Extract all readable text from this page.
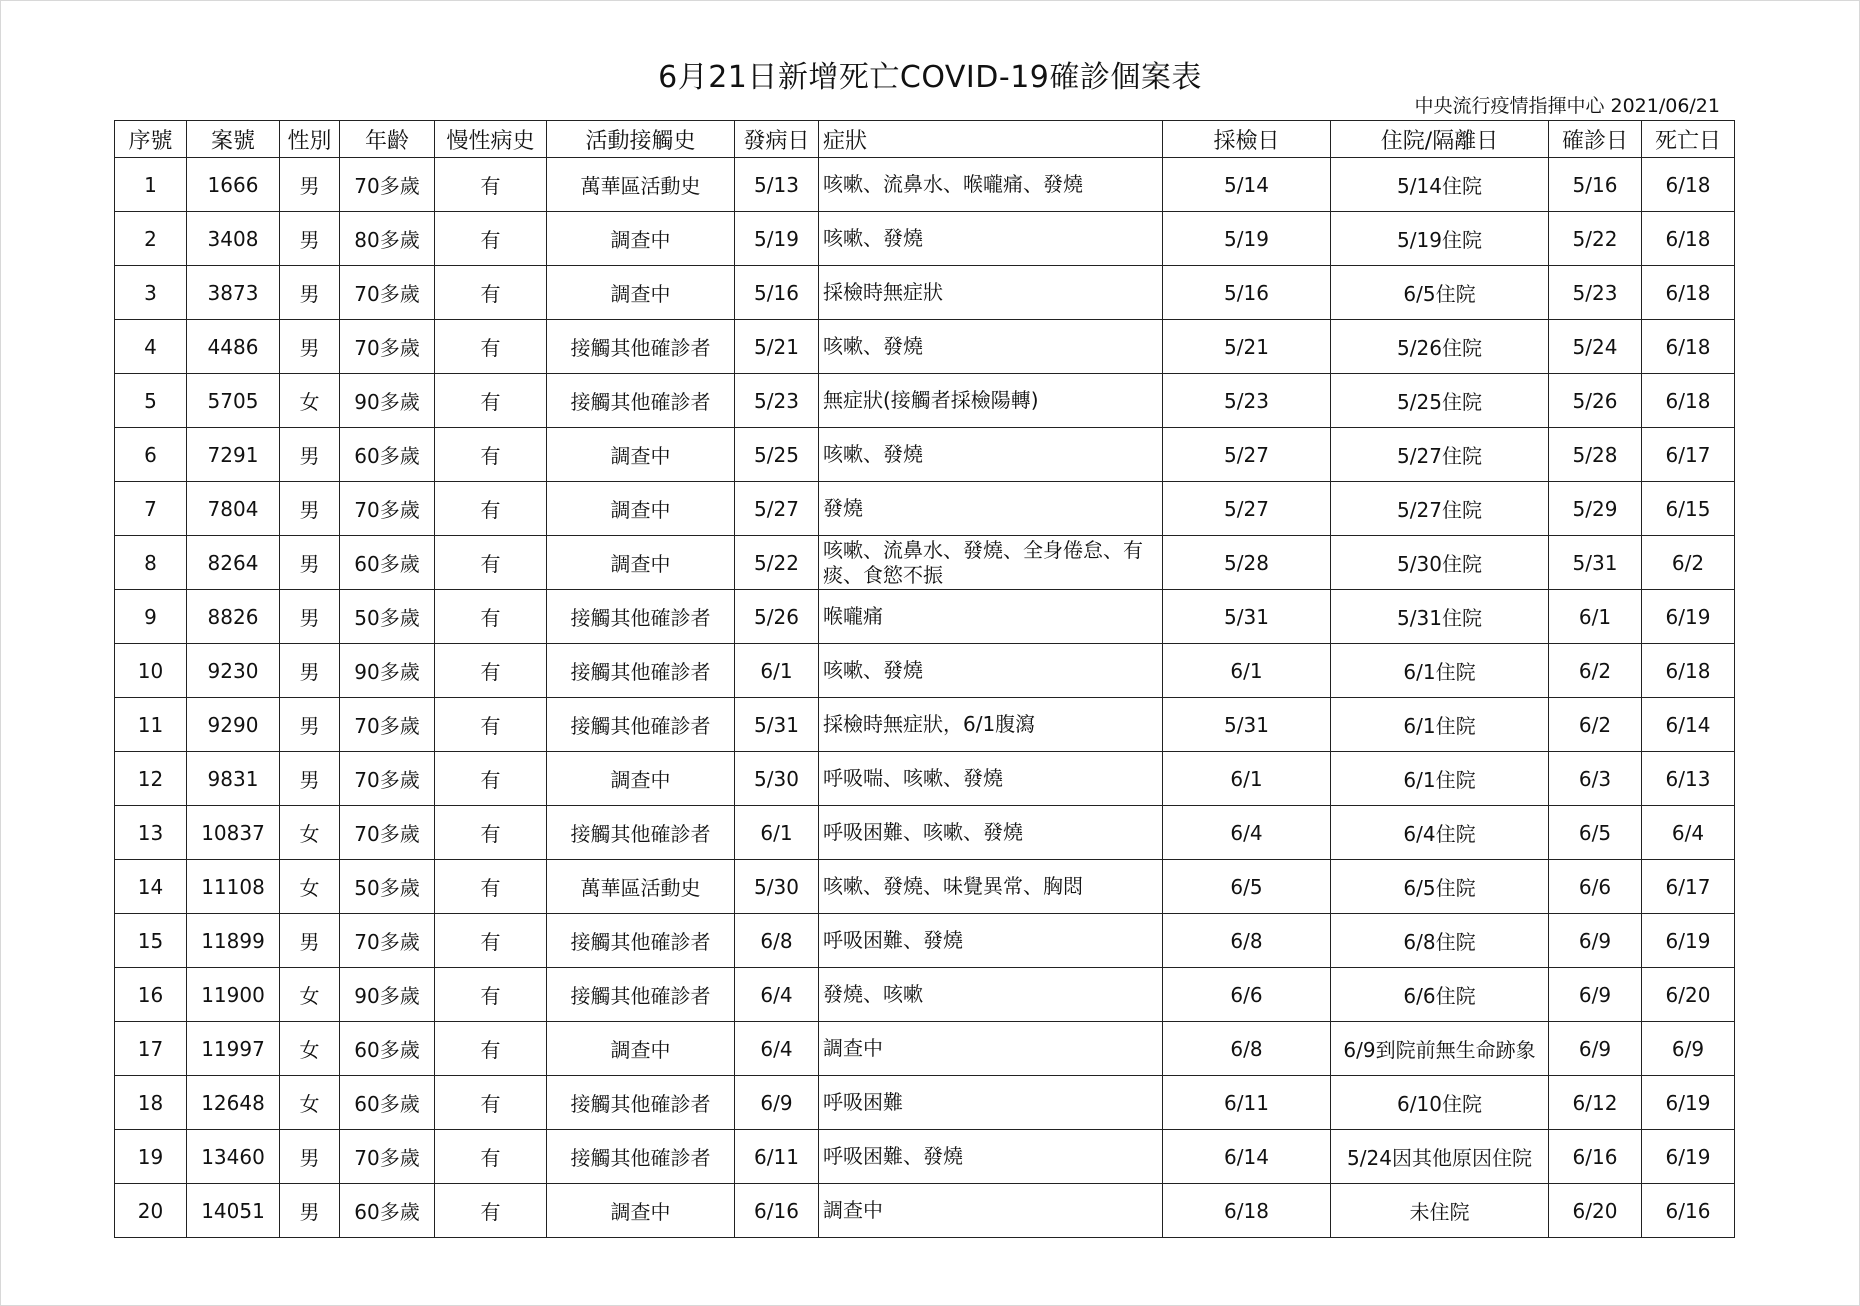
6月21日新增死亡COVID-19確診個案表
中央流行疫情指揮中心 2021/06/21
序號	案號	性別	年齡	慢性病史	活動接觸史	發病日	症狀	採檢日	住院/隔離日	確診日	死亡日
1	1666	男	70多歲	有	萬華區活動史	5/13	咳嗽、流鼻水、喉嚨痛、發燒	5/14	5/14住院	5/16	6/18
2	3408	男	80多歲	有	調查中	5/19	咳嗽、發燒	5/19	5/19住院	5/22	6/18
3	3873	男	70多歲	有	調查中	5/16	採檢時無症狀	5/16	6/5住院	5/23	6/18
4	4486	男	70多歲	有	接觸其他確診者	5/21	咳嗽、發燒	5/21	5/26住院	5/24	6/18
5	5705	女	90多歲	有	接觸其他確診者	5/23	無症狀(接觸者採檢陽轉)	5/23	5/25住院	5/26	6/18
6	7291	男	60多歲	有	調查中	5/25	咳嗽、發燒	5/27	5/27住院	5/28	6/17
7	7804	男	70多歲	有	調查中	5/27	發燒	5/27	5/27住院	5/29	6/15
8	8264	男	60多歲	有	調查中	5/22	咳嗽、流鼻水、發燒、全身倦怠、有痰、食慾不振	5/28	5/30住院	5/31	6/2
9	8826	男	50多歲	有	接觸其他確診者	5/26	喉嚨痛	5/31	5/31住院	6/1	6/19
10	9230	男	90多歲	有	接觸其他確診者	6/1	咳嗽、發燒	6/1	6/1住院	6/2	6/18
11	9290	男	70多歲	有	接觸其他確診者	5/31	採檢時無症狀，6/1腹瀉	5/31	6/1住院	6/2	6/14
12	9831	男	70多歲	有	調查中	5/30	呼吸喘、咳嗽、發燒	6/1	6/1住院	6/3	6/13
13	10837	女	70多歲	有	接觸其他確診者	6/1	呼吸困難、咳嗽、發燒	6/4	6/4住院	6/5	6/4
14	11108	女	50多歲	有	萬華區活動史	5/30	咳嗽、發燒、味覺異常、胸悶	6/5	6/5住院	6/6	6/17
15	11899	男	70多歲	有	接觸其他確診者	6/8	呼吸困難、發燒	6/8	6/8住院	6/9	6/19
16	11900	女	90多歲	有	接觸其他確診者	6/4	發燒、咳嗽	6/6	6/6住院	6/9	6/20
17	11997	女	60多歲	有	調查中	6/4	調查中	6/8	6/9到院前無生命跡象	6/9	6/9
18	12648	女	60多歲	有	接觸其他確診者	6/9	呼吸困難	6/11	6/10住院	6/12	6/19
19	13460	男	70多歲	有	接觸其他確診者	6/11	呼吸困難、發燒	6/14	5/24因其他原因住院	6/16	6/19
20	14051	男	60多歲	有	調查中	6/16	調查中	6/18	未住院	6/20	6/16
